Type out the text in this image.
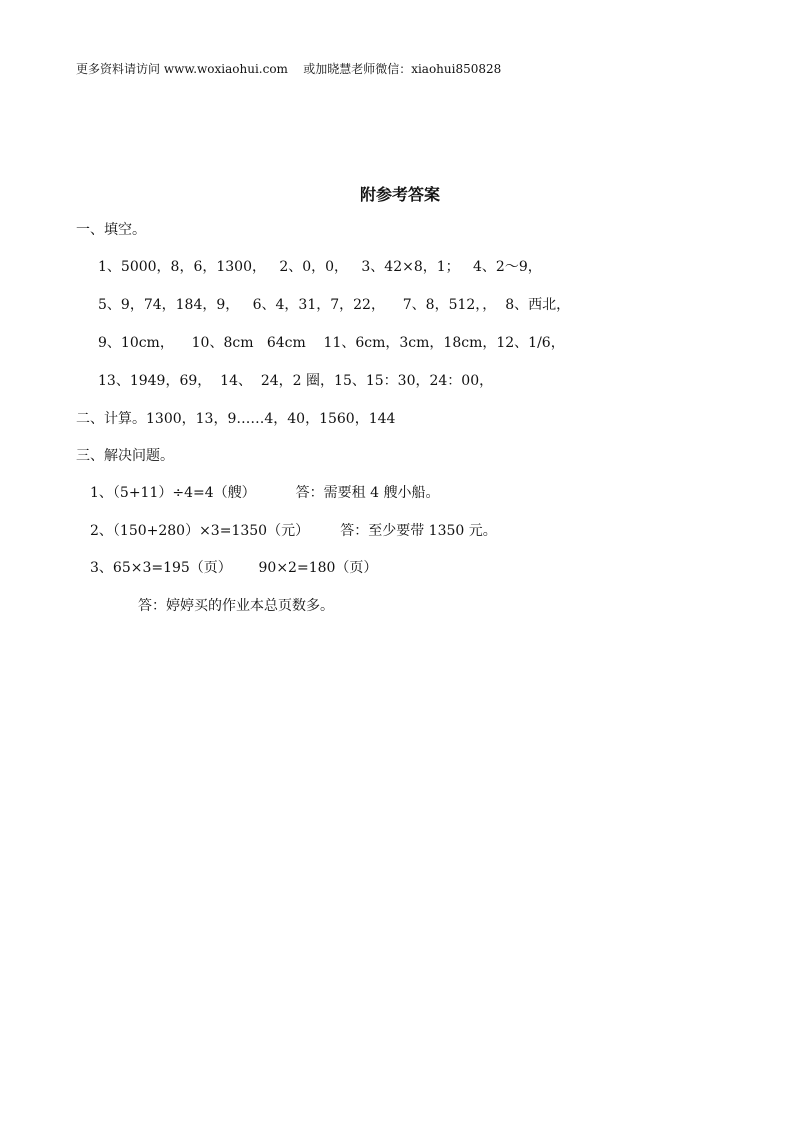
更多资料请访问 www.woxiaohui.com    或加晓慧老师微信：xiaohui850828
附参考答案
一、填空。
1、5000，8，6，1300，   2、0，0，   3、42×8，1；   4、2～9，
5、9，74，184，9，   6、4，31，7，22，    7、8，512，，  8、西北，
9、10cm，    10、8cm   64cm    11、6cm，3cm，18cm，12、1/6，
13、1949，69，  14、  24，2 圈，15、15：30，24：00，
二、计算。1300，13，9……4，40，1560，144
三、解决问题。
1、（5+11）÷4=4（艘）         答：需要租 4 艘小船。
2、（150+280）×3=1350（元）       答：至少要带 1350 元。
3、65×3=195（页）      90×2=180（页）
答：婷婷买的作业本总页数多。
